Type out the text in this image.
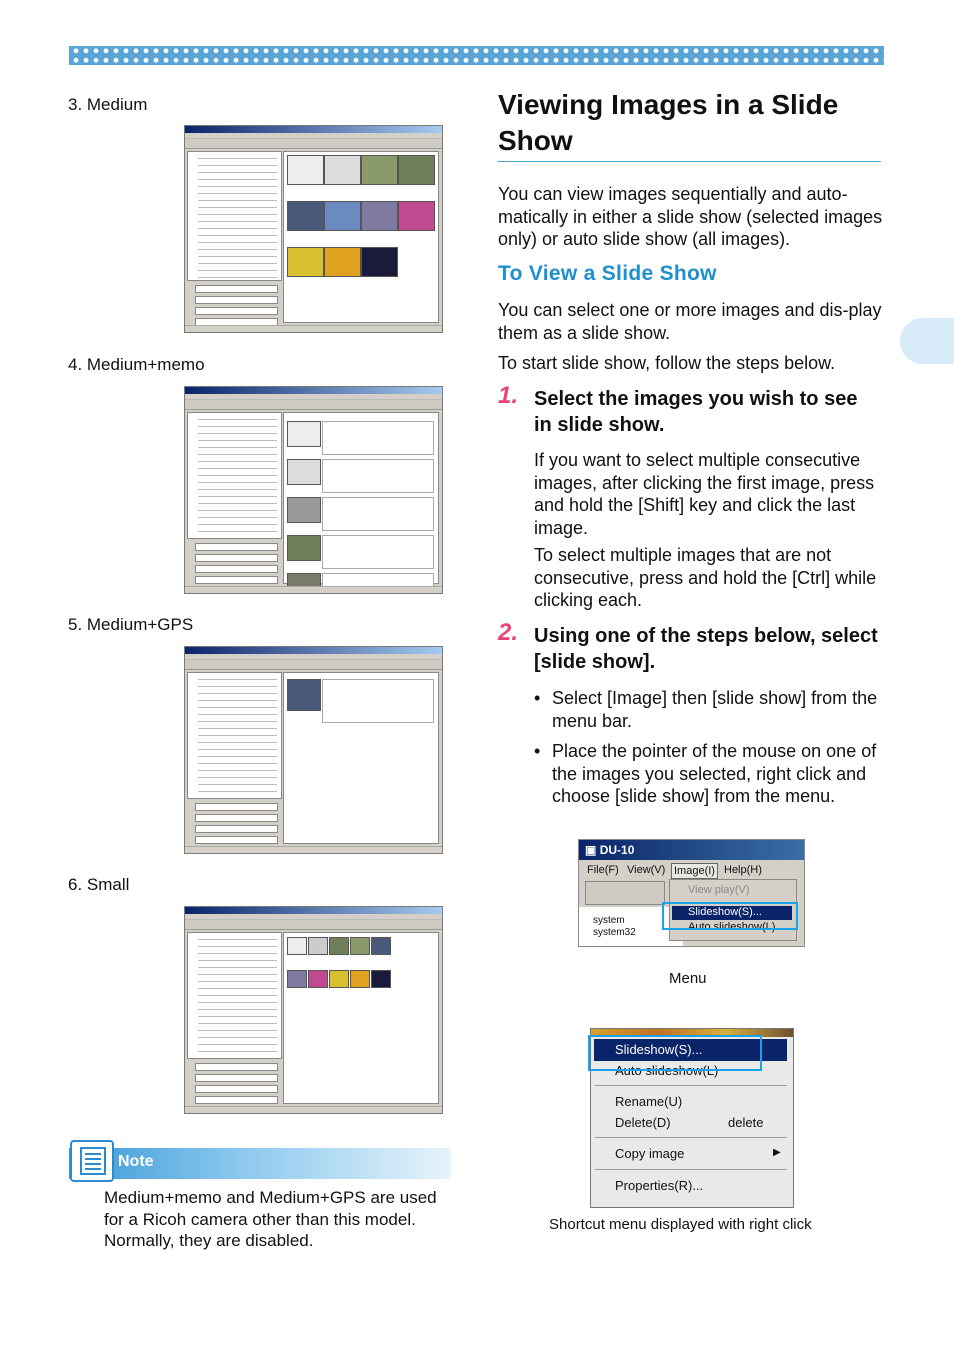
3. Medium
4. Medium+memo
5. Medium+GPS
6. Small
Note

Medium+memo and Medium+GPS are used for a Ricoh camera other than this model. Normally, they are disabled.

Viewing Images in a Slide Show

You can view images sequentially and auto-matically in either a slide show (selected images only) or auto slide show (all images).

To View a Slide Show

You can select one or more images and dis-play them as a slide show.

To start slide show, follow the steps below.

1. Select the images you wish to see in slide show.

If you want to select multiple consecutive images, after clicking the first image, press and hold the [Shift] key and click the last image.

To select multiple images that are not consecutive, press and hold the [Ctrl] while clicking each.

2. Using one of the steps below, select [slide show].
• Select [Image] then [slide show] from the menu bar.

• Place the pointer of the mouse on one of the images you selected, right click and choose [slide show] from the menu.

▣ DU-10
File(F) View(V) Image(I) Help(H)
system
system32
View play(V)
Slideshow(S)...
Auto slideshow(L)
Menu
Slideshow(S)...
Auto slideshow(L)
Rename(U)
Delete(D)	delete
Copy image	▶
Properties(R)...
Shortcut menu displayed with right click
